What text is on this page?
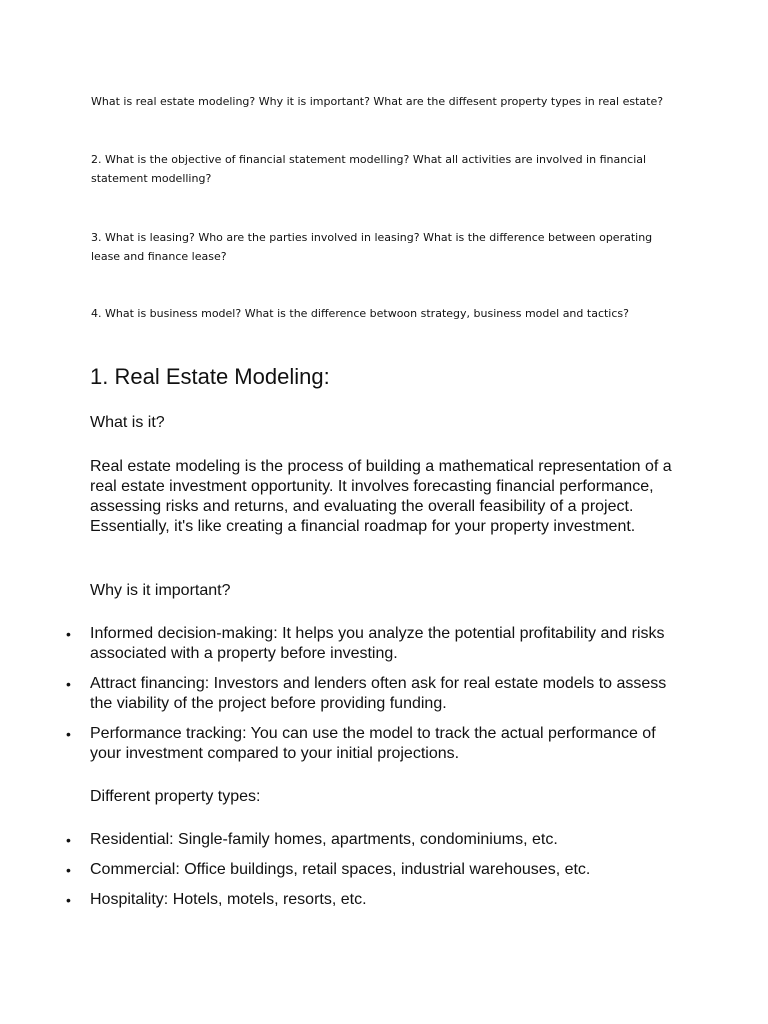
What is real estate modeling? Why it is important? What are the diffesent property types in real estate?

2. What is the objective of financial statement modelling? What all activities are involved in financial statement modelling?

3. What is leasing? Who are the parties involved in leasing? What is the difference between operating lease and finance lease?

4. What is business model? What is the difference betwoon strategy, business model and tactics?

1. Real Estate Modeling:

What is it?

Real estate modeling is the process of building a mathematical representation of a real estate investment opportunity. It involves forecasting financial performance, assessing risks and returns, and evaluating the overall feasibility of a project. Essentially, it's like creating a financial roadmap for your property investment.

Why is it important?

•	Informed decision-making: It helps you analyze the potential profitability and risks associated with a property before investing.
•	Attract financing: Investors and lenders often ask for real estate models to assess the viability of the project before providing funding.
•	Performance tracking: You can use the model to track the actual performance of your investment compared to your initial projections.

Different property types:

•	Residential: Single-family homes, apartments, condominiums, etc.
•	Commercial: Office buildings, retail spaces, industrial warehouses, etc.
•	Hospitality: Hotels, motels, resorts, etc.
